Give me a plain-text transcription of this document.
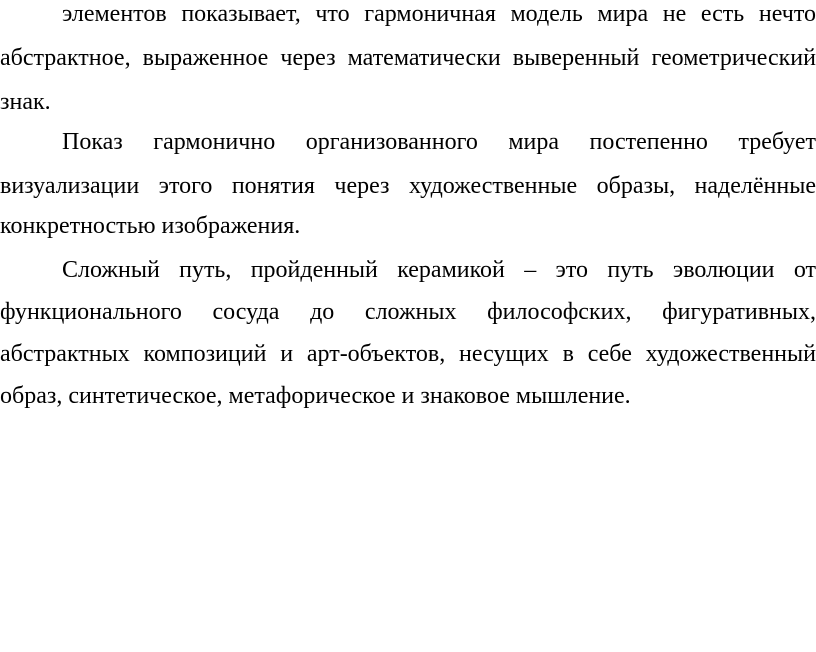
элементов показывает, что гармоничная модель мира не есть нечто
абстрактное, выраженное через математически выверенный геометрический
знак.
Показ гармонично организованного мира постепенно требует
визуализации этого понятия через художественные образы, наделённые
конкретностью изображения.
Сложный путь, пройденный керамикой – это путь эволюции от
функционального сосуда до сложных философских, фигуративных,
абстрактных композиций и арт-объектов, несущих в себе художественный
образ, синтетическое, метафорическое и знаковое мышление.
